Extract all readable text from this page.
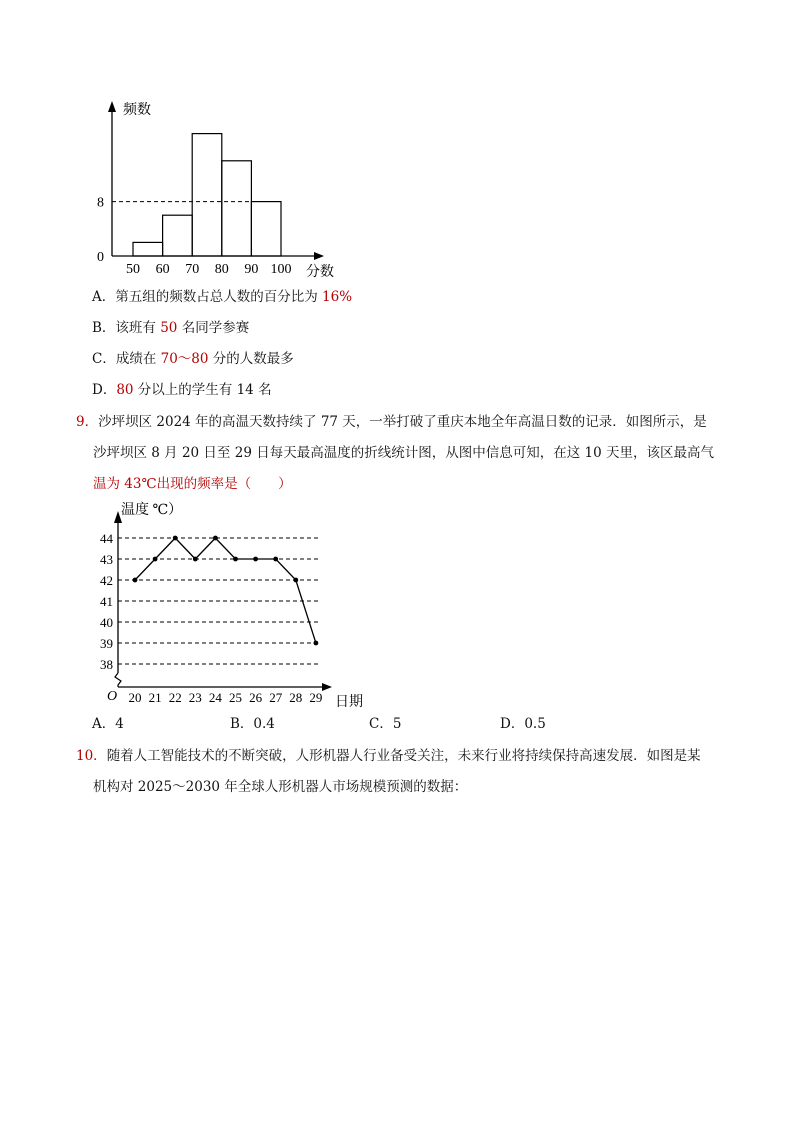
50 60 70 80 90 100
0
8
频数
分数
A．第五组的频数占总人数的百分比为 16%
B．该班有 50 名同学参赛
C．成绩在 70～80 分的人数最多
D．80 分以上的学生有 14 名
9．沙坪坝区 2024 年的高温天数持续了 77 天，一举打破了重庆本地全年高温日数的记录．如图所示，是
沙坪坝区 8 月 20 日至 29 日每天最高温度的折线统计图，从图中信息可知，在这 10 天里，该区最高气
温为 43℃出现的频率是（　　）
38
39
40
41
42
43
44
20 21 22 23 24 25 26 27 28 29
温度 ℃）
日期
O
A．4	B．0.4	C．5	D．0.5
10．随着人工智能技术的不断突破，人形机器人行业备受关注，未来行业将持续保持高速发展．如图是某
机构对 2025～2030 年全球人形机器人市场规模预测的数据：
